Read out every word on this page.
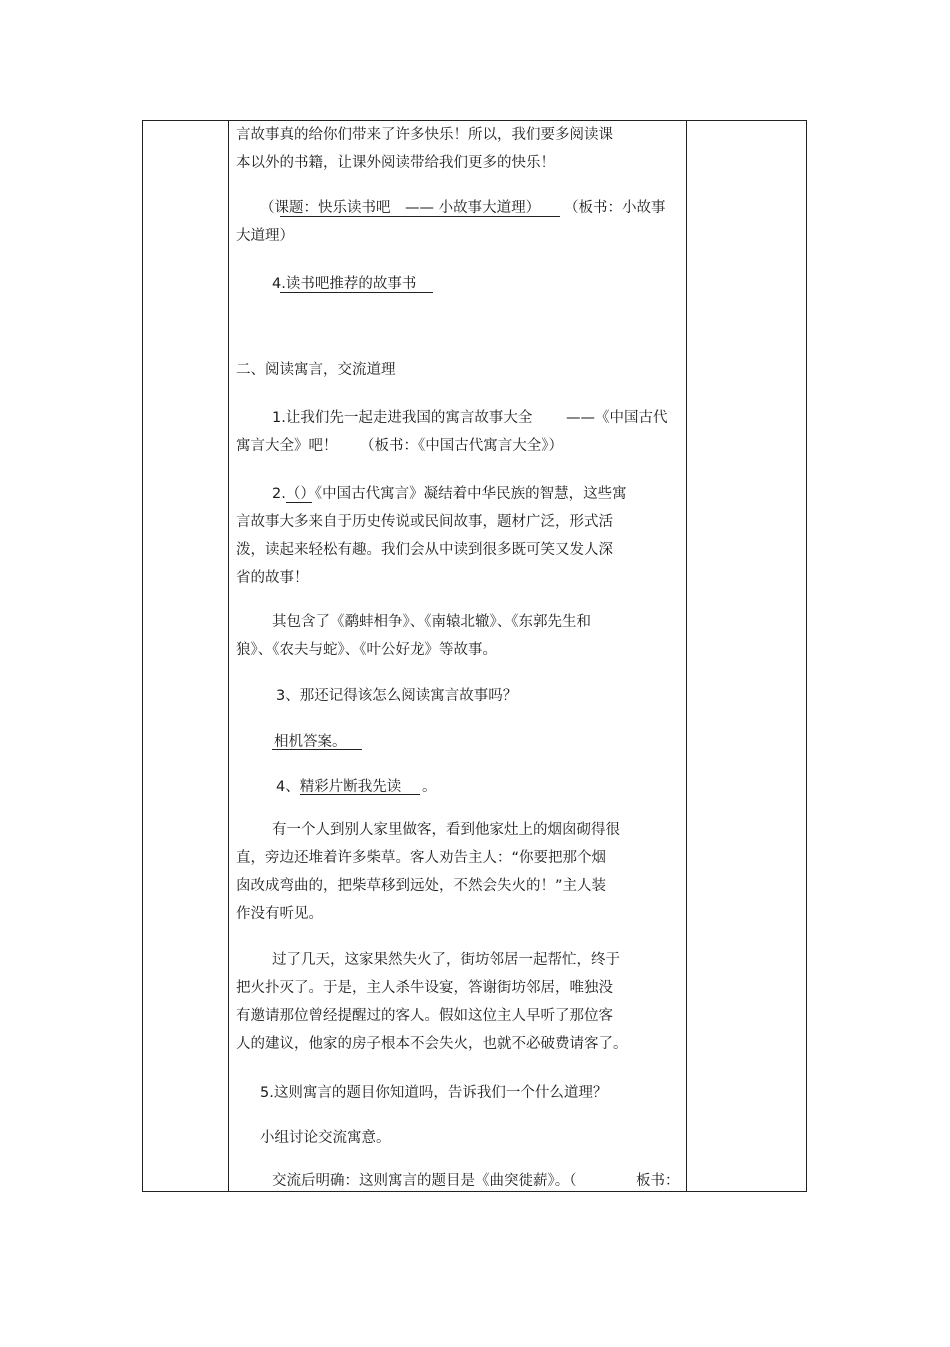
言故事真的给你们带来了许多快乐！所以，我们要多阅读课
本以外的书籍，让课外阅读带给我们更多的快乐！
（课题：快乐读书吧　—— 小故事大道理） （板书：小故事
大道理）
4.读书吧推荐的故事书
二、阅读寓言，交流道理
1.让我们先一起走进我国的寓言故事大全 ——《中国古代
寓言大全》吧！ （板书：《中国古代寓言大全》）
2.（）《中国古代寓言》凝结着中华民族的智慧，这些寓
言故事大多来自于历史传说或民间故事，题材广泛，形式活
泼，读起来轻松有趣。我们会从中读到很多既可笑又发人深
省的故事！
其包含了《鹬蚌相争》、《南辕北辙》、《东郭先生和
狼》、《农夫与蛇》、《叶公好龙》等故事。
3、那还记得该怎么阅读寓言故事吗？
相机答案。
4、精彩片断我先读 。
有一个人到别人家里做客，看到他家灶上的烟囱砌得很
直，旁边还堆着许多柴草。客人劝告主人：“你要把那个烟
囱改成弯曲的，把柴草移到远处，不然会失火的！”主人装
作没有听见。
过了几天，这家果然失火了，街坊邻居一起帮忙，终于
把火扑灭了。于是，主人杀牛设宴，答谢街坊邻居，唯独没
有邀请那位曾经提醒过的客人。假如这位主人早听了那位客
人的建议，他家的房子根本不会失火，也就不必破费请客了。
5.这则寓言的题目你知道吗，告诉我们一个什么道理？
小组讨论交流寓意。
交流后明确：这则寓言的题目是《曲突徙薪》。（	板书：
